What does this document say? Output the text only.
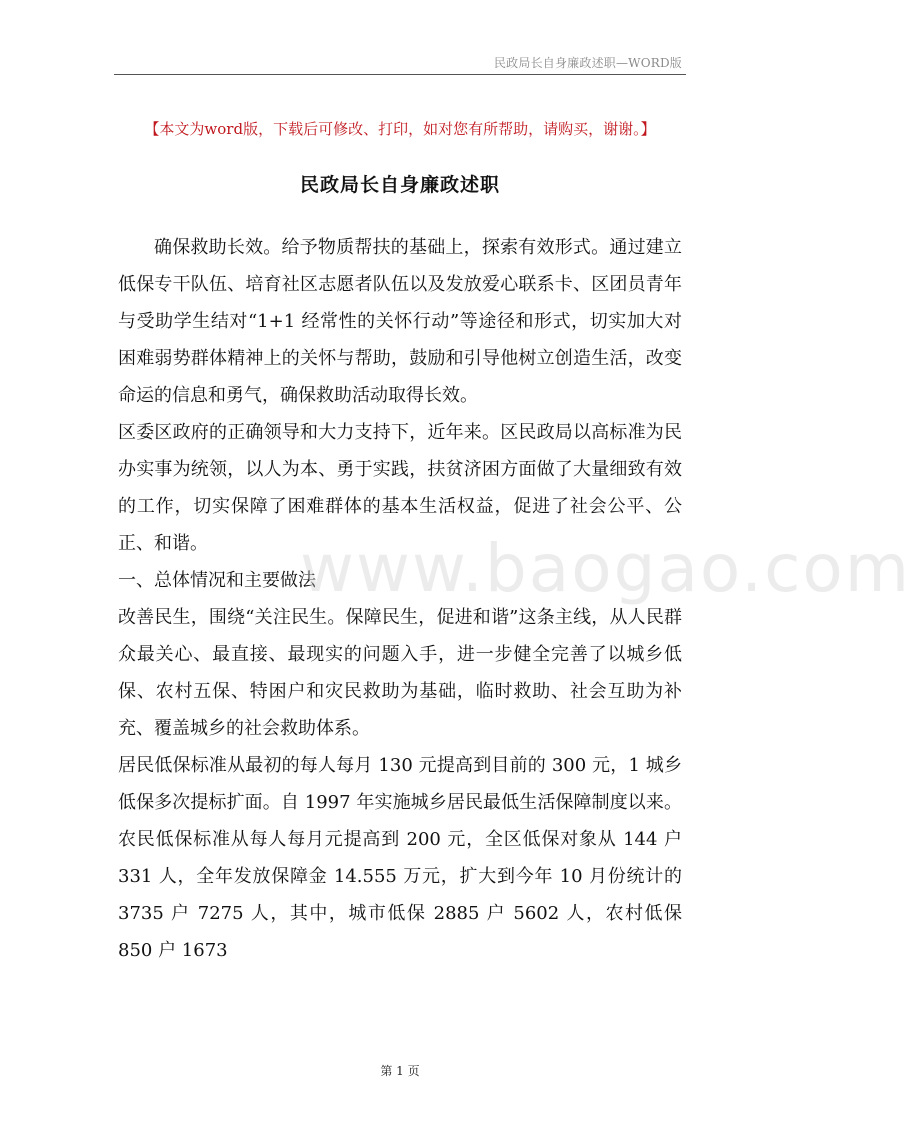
民政局长自身廉政述职—WORD版
【本文为word版，下载后可修改、打印，如对您有所帮助，请购买，谢谢。】
民政局长自身廉政述职

确保救助长效。给予物质帮扶的基础上，探索有效形式。通过建立低保专干队伍、培育社区志愿者队伍以及发放爱心联系卡、区团员青年与受助学生结对“1+1 经常性的关怀行动”等途径和形式，切实加大对困难弱势群体精神上的关怀与帮助，鼓励和引导他树立创造生活，改变命运的信息和勇气，确保救助活动取得长效。

区委区政府的正确领导和大力支持下，近年来。区民政局以高标准为民办实事为统领，以人为本、勇于实践，扶贫济困方面做了大量细致有效的工作，切实保障了困难群体的基本生活权益，促进了社会公平、公正、和谐。

一、总体情况和主要做法

改善民生，围绕“关注民生。保障民生，促进和谐”这条主线，从人民群众最关心、最直接、最现实的问题入手，进一步健全完善了以城乡低保、农村五保、特困户和灾民救助为基础，临时救助、社会互助为补充、覆盖城乡的社会救助体系。

居民低保标准从最初的每人每月 130 元提高到目前的 300 元，1 城乡低保多次提标扩面。自 1997 年实施城乡居民最低生活保障制度以来。农民低保标准从每人每月元提高到 200 元，全区低保对象从 144 户 331 人，全年发放保障金 14.555 万元，扩大到今年 10 月份统计的 3735 户 7275 人，其中，城市低保 2885 户 5602 人，农村低保 850 户 1673

www.baogao.com
第 1 页
